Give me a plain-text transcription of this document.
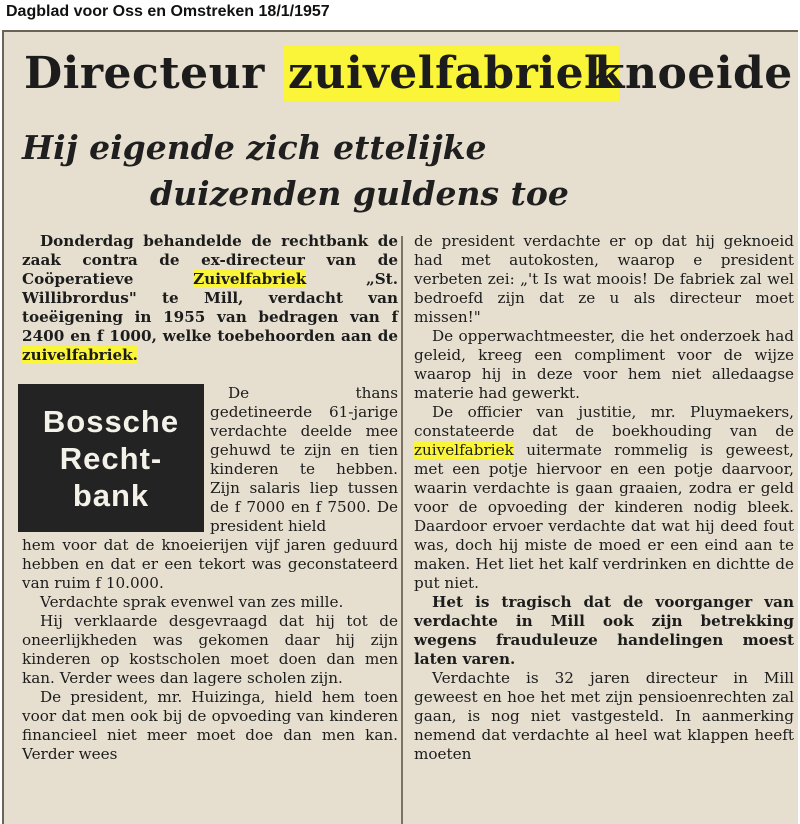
Dagblad voor Oss en Omstreken 18/1/1957
Directeur zuivelfabriek
knoeide
Hij eigende zich ettelijke
duizenden guldens toe

Donderdag behandelde de rechtbank de zaak contra de ex-directeur van de Coöperatieve Zuivelfabriek „St. Willibrordus" te Mill, verdacht van toeëigening in 1955 van bedragen van f 2400 en f 1000, welke toebehoorden aan de zuivelfabriek.

Bossche
Recht-
bank

De thans gedetineerde 61-jarige verdachte deelde mee gehuwd te zijn en tien kinderen te hebben. Zijn salaris liep tussen de f 7000 en f 7500. De president hield

hem voor dat de knoeierijen vijf jaren geduurd hebben en dat er een tekort was geconstateerd van ruim f 10.000.

Verdachte sprak evenwel van zes mille.

Hij verklaarde desgevraagd dat hij tot de oneerlijkheden was gekomen daar hij zijn kinderen op kostscholen moet doen dan men kan. Verder wees dan lagere scholen zijn.

De president, mr. Huizinga, hield hem toen voor dat men ook bij de opvoeding van kinderen financieel niet meer moet doe dan men kan. Verder wees

de president verdachte er op dat hij geknoeid had met autokosten, waarop e president verbeten zei: „'t Is wat moois! De fabriek zal wel bedroefd zijn dat ze u als directeur moet missen!"

De opperwachtmeester, die het onderzoek had geleid, kreeg een compliment voor de wijze waarop hij in deze voor hem niet alledaagse materie had gewerkt.

De officier van justitie, mr. Pluymaekers, constateerde dat de boekhouding van de zuivelfabriek uitermate rommelig is geweest, met een potje hiervoor en een potje daarvoor, waarin verdachte is gaan graaien, zodra er geld voor de opvoeding der kinderen nodig bleek. Daardoor ervoer verdachte dat wat hij deed fout was, doch hij miste de moed er een eind aan te maken. Het liet het kalf verdrinken en dichtte de put niet.

Het is tragisch dat de voorganger van verdachte in Mill ook zijn betrekking wegens frauduleuze handelingen moest laten varen.

Verdachte is 32 jaren directeur in Mill geweest en hoe het met zijn pensioenrechten zal gaan, is nog niet vastgesteld. In aanmerking nemend dat verdachte al heel wat klappen heeft moeten
